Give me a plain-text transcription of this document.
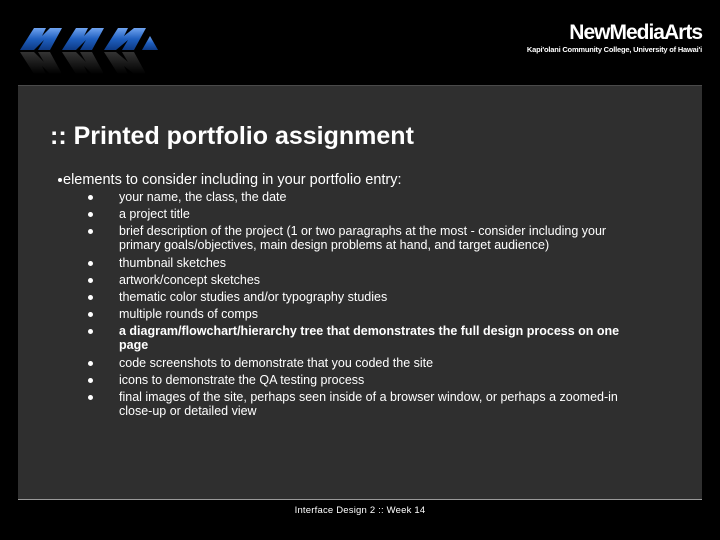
NewMediaArts
Kapi'olani Community College, University of Hawai'i
:: Printed portfolio assignment
elements to consider including in your portfolio entry:
your name, the class, the date
a project title
brief description of the project (1 or two paragraphs at the most - consider including your primary goals/objectives, main design problems at hand, and target audience)
thumbnail sketches
artwork/concept sketches
thematic color studies and/or typography studies
multiple rounds of comps
a diagram/flowchart/hierarchy tree that demonstrates the full design process on one page
code screenshots to demonstrate that you coded the site
icons to demonstrate the QA testing process
final images of the site, perhaps seen inside of a browser window, or perhaps a zoomed-in close-up or detailed view
Interface Design 2 :: Week 14
